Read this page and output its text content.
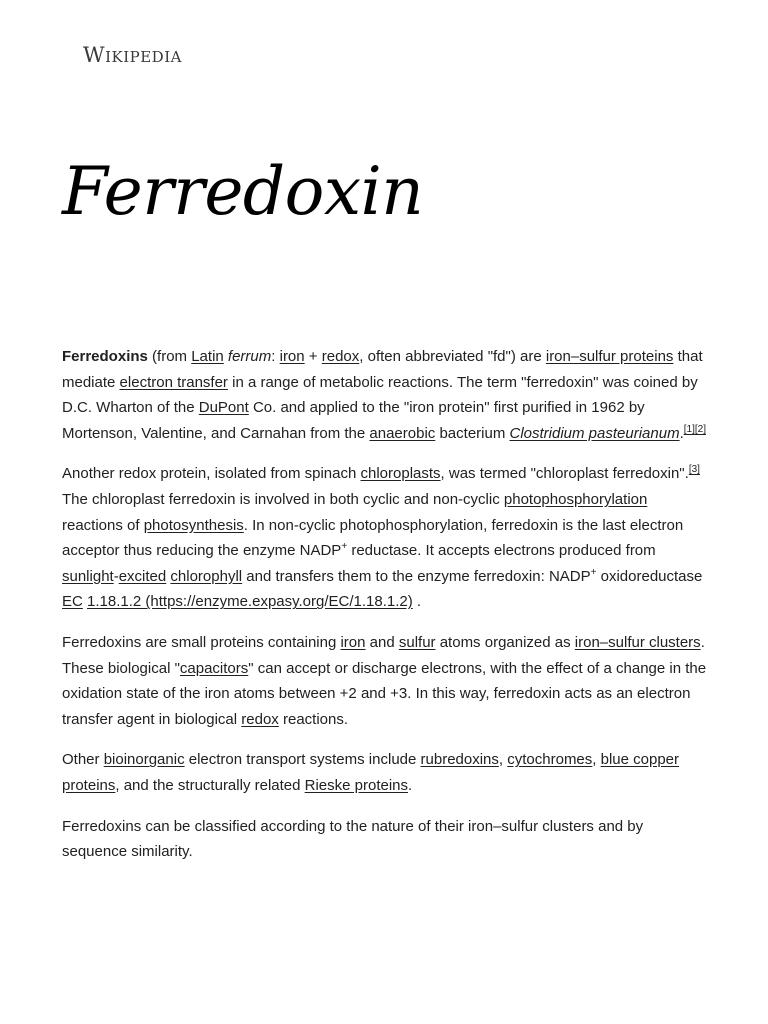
Wikipedia
Ferredoxin

Ferredoxins (from Latin ferrum: iron + redox, often abbreviated "fd") are iron–sulfur proteins that mediate electron transfer in a range of metabolic reactions. The term "ferredoxin" was coined by D.C. Wharton of the DuPont Co. and applied to the "iron protein" first purified in 1962 by Mortenson, Valentine, and Carnahan from the anaerobic bacterium Clostridium pasteurianum.[1][2]

Another redox protein, isolated from spinach chloroplasts, was termed "chloroplast ferredoxin".[3] The chloroplast ferredoxin is involved in both cyclic and non-cyclic photophosphorylation reactions of photosynthesis. In non-cyclic photophosphorylation, ferredoxin is the last electron acceptor thus reducing the enzyme NADP+ reductase. It accepts electrons produced from sunlight-excited chlorophyll and transfers them to the enzyme ferredoxin: NADP+ oxidoreductase EC 1.18.1.2 (https://enzyme.expasy.org/EC/1.18.1.2) .

Ferredoxins are small proteins containing iron and sulfur atoms organized as iron–sulfur clusters. These biological "capacitors" can accept or discharge electrons, with the effect of a change in the oxidation state of the iron atoms between +2 and +3. In this way, ferredoxin acts as an electron transfer agent in biological redox reactions.

Other bioinorganic electron transport systems include rubredoxins, cytochromes, blue copper proteins, and the structurally related Rieske proteins.

Ferredoxins can be classified according to the nature of their iron–sulfur clusters and by sequence similarity.
